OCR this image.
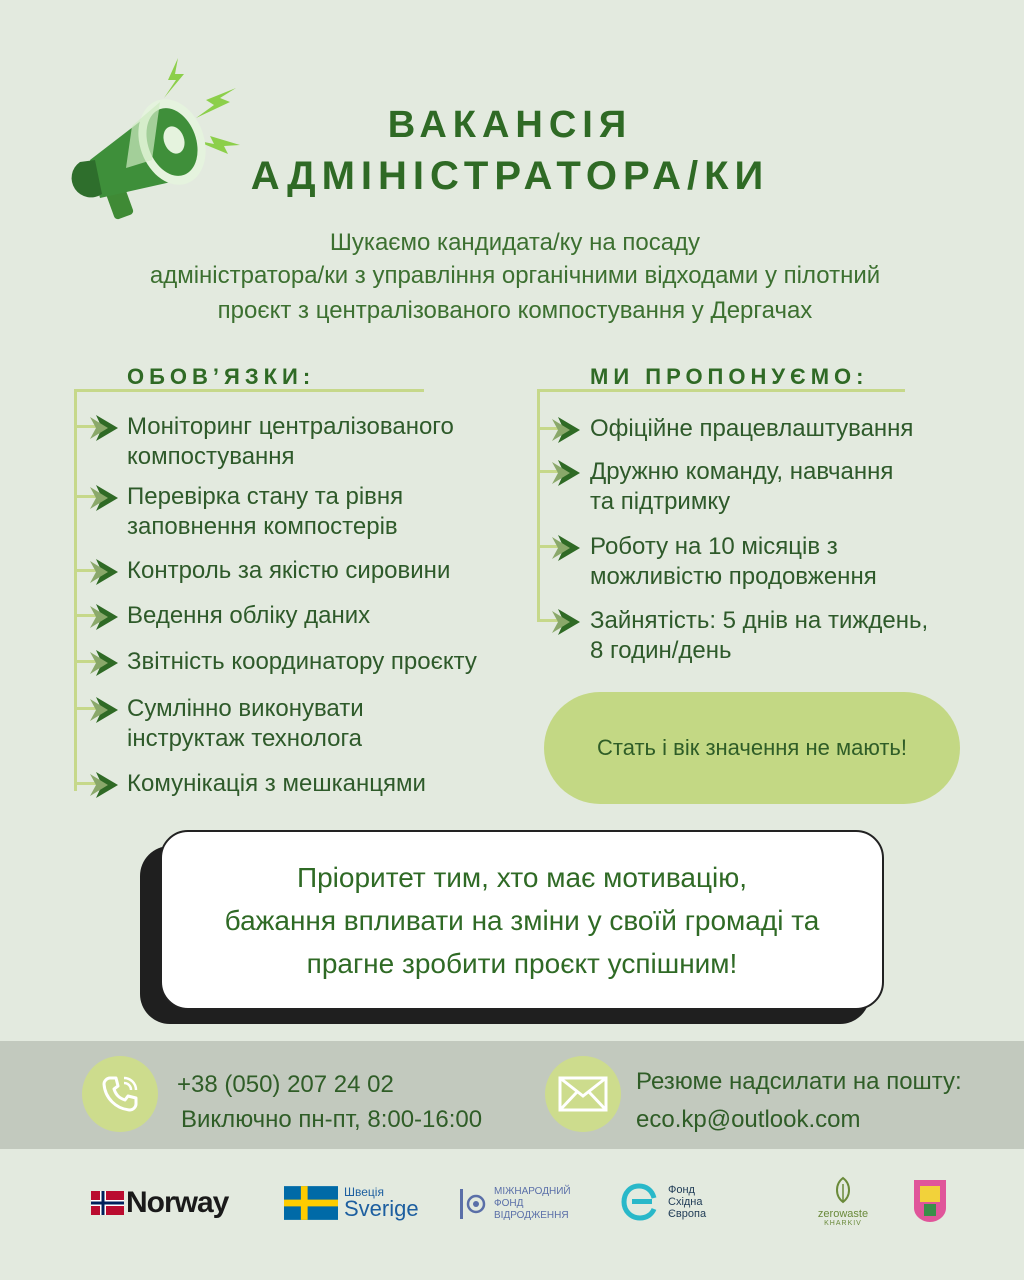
ВАКАНСІЯ
АДМІНІСТРАТОРА/КИ
Шукаємо кандидата/ку на посаду
адміністратора/ки з управління органічними відходами у пілотний
проєкт з централізованого компостування у Дергачах
ОБОВ’ЯЗКИ:
Моніторинг централізованого
компостування
Перевірка стану та рівня
заповнення компостерів
Контроль за якістю сировини
Ведення обліку даних
Звітність координатору проєкту
Сумлінно виконувати
інструктаж технолога
Комунікація з мешканцями
МИ ПРОПОНУЄМО:
Офіційне працевлаштування
Дружню команду, навчання
та підтримку
Роботу на 10 місяців з
можливістю продовження
Зайнятість: 5 днів на тиждень,
8 годин/день
Стать і вік значення не мають!
Пріоритет тим, хто має мотивацію,
бажання впливати на зміни у своїй громаді та
прагне зробити проєкт успішним!
+38 (050) 207 24 02
Виключно пн-пт, 8:00-16:00
Резюме надсилати на пошту:
eco.kp@outlook.com
Norway	Швеція
Sverige
МІЖНАРОДНИЙ
ФОНД
ВІДРОДЖЕННЯ
Фонд
Східна
Європа	zerowaste
KHARKIV
